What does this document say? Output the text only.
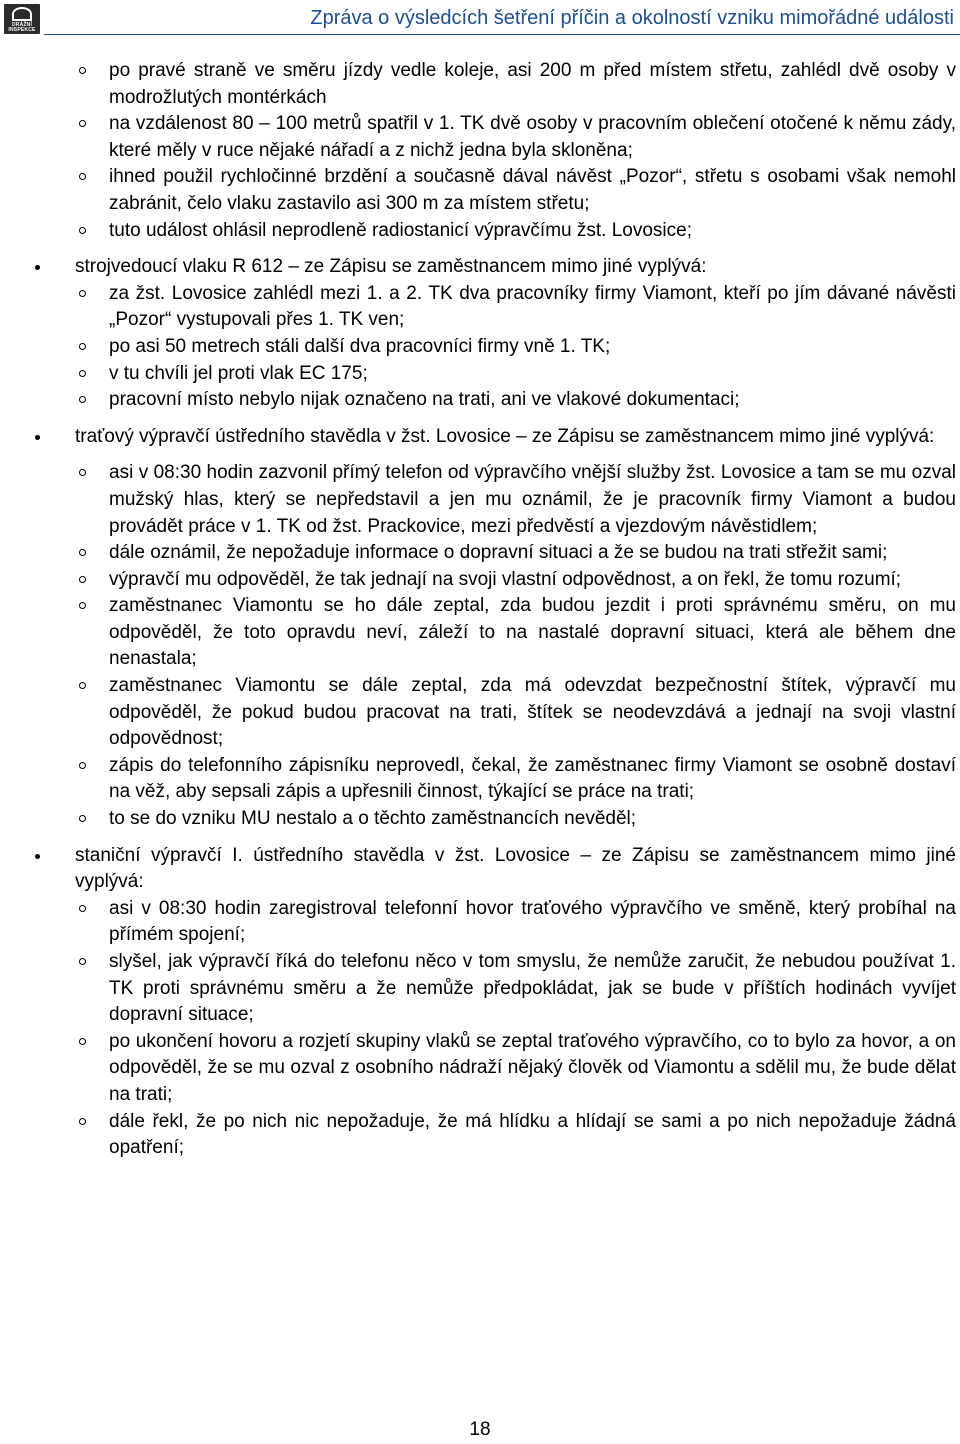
DRÁŽNÍ
INSPEKCE
Zpráva o výsledcích šetření příčin a okolností vzniku mimořádné události

po pravé straně ve směru jízdy vedle koleje, asi 200 m před místem střetu, zahlédl dvě osoby v modrožlutých montérkách

na vzdálenost 80 – 100 metrů spatřil v 1. TK dvě osoby v pracovním oblečení otočené k němu zády, které měly v ruce nějaké nářadí a z nichž jedna byla skloněna;

ihned použil rychločinné brzdění a současně dával návěst „Pozor“, střetu s osobami však nemohl zabránit, čelo vlaku zastavilo asi 300 m za místem střetu;

tuto událost ohlásil neprodleně radiostanicí výpravčímu žst. Lovosice;

strojvedoucí vlaku R 612 – ze Zápisu se zaměstnancem mimo jiné vyplývá:

za žst. Lovosice zahlédl mezi 1. a 2. TK dva pracovníky firmy Viamont, kteří po jím dávané návěsti „Pozor“ vystupovali přes 1. TK ven;

po asi 50 metrech stáli další dva pracovníci firmy vně 1. TK;

v tu chvíli jel proti vlak EC 175;

pracovní místo nebylo nijak označeno na trati, ani ve vlakové dokumentaci;

traťový výpravčí ústředního stavědla v žst. Lovosice – ze Zápisu se zaměstnancem mimo jiné vyplývá:

asi v 08:30 hodin zazvonil přímý telefon od výpravčího vnější služby žst. Lovosice a tam se mu ozval mužský hlas, který se nepředstavil a jen mu oznámil, že je pracovník firmy Viamont a budou provádět práce v 1. TK od žst. Prackovice, mezi předvěstí a vjezdovým návěstidlem;

dále oznámil, že nepožaduje informace o dopravní situaci a že se budou na trati střežit sami;

výpravčí mu odpověděl, že tak jednají na svoji vlastní odpovědnost, a on řekl, že tomu rozumí;

zaměstnanec Viamontu se ho dále zeptal, zda budou jezdit i proti správnému směru, on mu odpověděl, že toto opravdu neví, záleží to na nastalé dopravní situaci, která ale během dne nenastala;

zaměstnanec Viamontu se dále zeptal, zda má odevzdat bezpečnostní štítek, výpravčí mu odpověděl, že pokud budou pracovat na trati, štítek se neodevzdává a jednají na svoji vlastní odpovědnost;

zápis do telefonního zápisníku neprovedl, čekal, že zaměstnanec firmy Viamont se osobně dostaví na věž, aby sepsali zápis a upřesnili činnost, týkající se práce na trati;

to se do vzniku MU nestalo a o těchto zaměstnancích nevěděl;

staniční výpravčí I. ústředního stavědla v žst. Lovosice – ze Zápisu se zaměstnancem mimo jiné vyplývá:

asi v 08:30 hodin zaregistroval telefonní hovor traťového výpravčího ve směně, který probíhal na přímém spojení;

slyšel, jak výpravčí říká do telefonu něco v tom smyslu, že nemůže zaručit, že nebudou používat 1. TK proti správnému směru a že nemůže předpokládat, jak se bude v příštích hodinách vyvíjet dopravní situace;

po ukončení hovoru a rozjetí skupiny vlaků se zeptal traťového výpravčího, co to bylo za hovor, a on odpověděl, že se mu ozval z osobního nádraží nějaký člověk od Viamontu a sdělil mu, že bude dělat na trati;

dále řekl, že po nich nic nepožaduje, že má hlídku a hlídají se sami a po nich nepožaduje žádná opatření;

18
